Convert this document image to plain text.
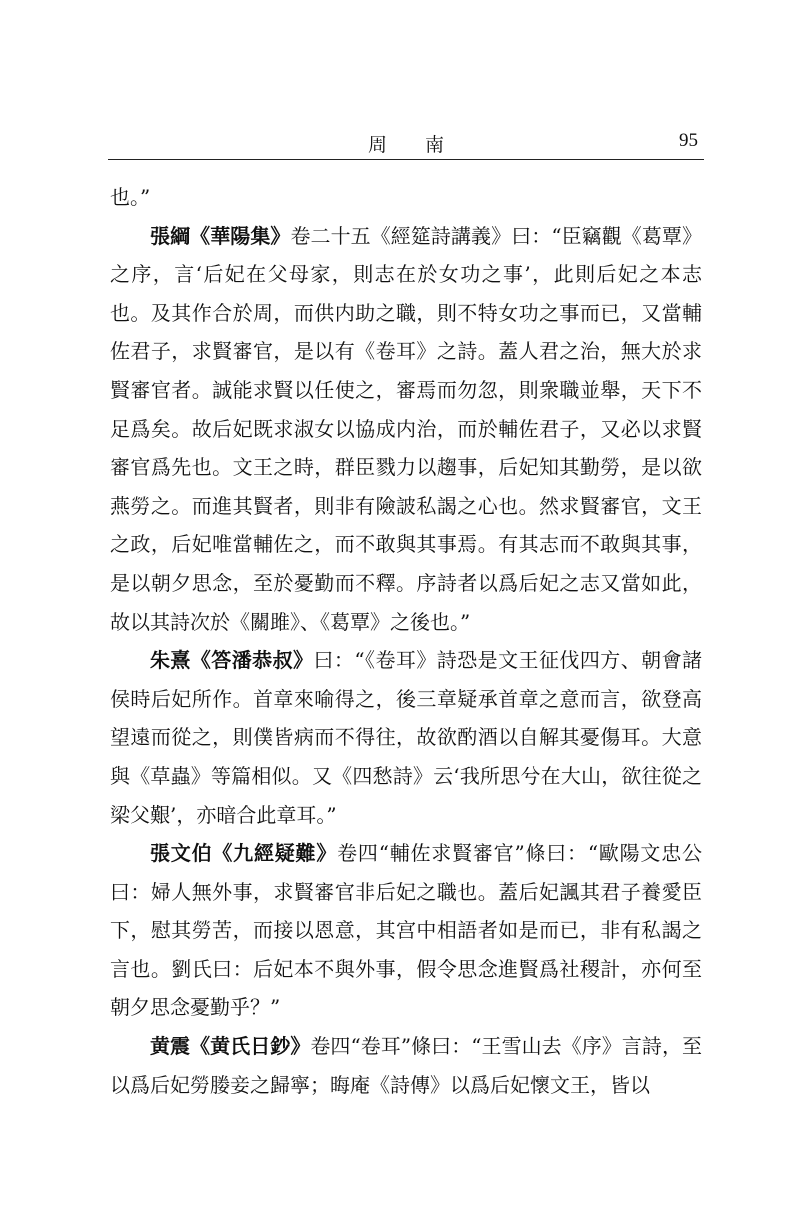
周南	95

也。”

張綱《華陽集》卷二十五《經筵詩講義》曰：“臣竊觀《葛覃》之序，言‘后妃在父母家，則志在於女功之事’，此則后妃之本志也。及其作合於周，而供内助之職，則不特女功之事而已，又當輔佐君子，求賢審官，是以有《卷耳》之詩。蓋人君之治，無大於求賢審官者。誠能求賢以任使之，審焉而勿忽，則衆職並舉，天下不足爲矣。故后妃既求淑女以協成内治，而於輔佐君子，又必以求賢審官爲先也。文王之時，群臣戮力以趨事，后妃知其勤勞，是以欲燕勞之。而進其賢者，則非有險詖私謁之心也。然求賢審官，文王之政，后妃唯當輔佐之，而不敢與其事焉。有其志而不敢與其事，是以朝夕思念，至於憂勤而不釋。序詩者以爲后妃之志又當如此，故以其詩次於《關雎》、《葛覃》之後也。”

朱熹《答潘恭叔》曰：“《卷耳》詩恐是文王征伐四方、朝會諸侯時后妃所作。首章來喻得之，後三章疑承首章之意而言，欲登高望遠而從之，則僕皆病而不得往，故欲酌酒以自解其憂傷耳。大意與《草蟲》等篇相似。又《四愁詩》云‘我所思兮在大山，欲往從之梁父艱’，亦暗合此章耳。”

張文伯《九經疑難》卷四“輔佐求賢審官”條曰：“歐陽文忠公曰：婦人無外事，求賢審官非后妃之職也。蓋后妃諷其君子養愛臣下，慰其勞苦，而接以恩意，其宫中相語者如是而已，非有私謁之言也。劉氏曰：后妃本不與外事，假令思念進賢爲社稷計，亦何至朝夕思念憂勤乎？”

黄震《黄氏日鈔》卷四“卷耳”條曰：“王雪山去《序》言詩，至以爲后妃勞媵妾之歸寧；晦庵《詩傳》以爲后妃懷文王，皆以
